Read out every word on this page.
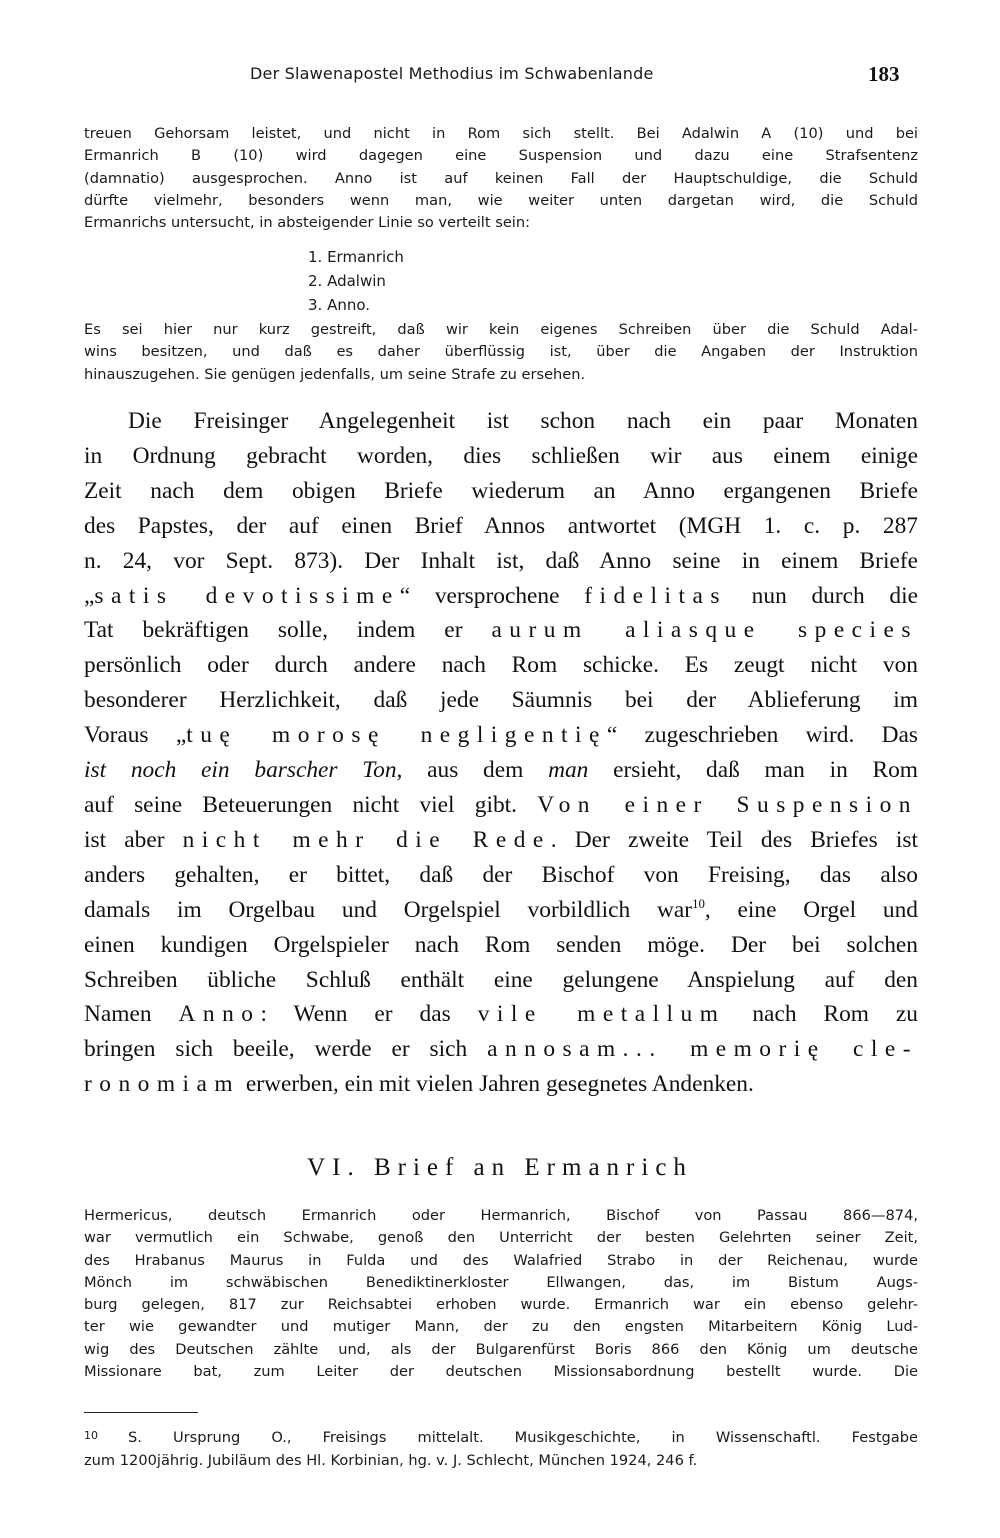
Der Slawenapostel Methodius im Schwabenlande	183

treuen Gehorsam leistet, und nicht in Rom sich stellt. Bei Adalwin A (10) und bei

Ermanrich B (10) wird dagegen eine Suspension und dazu eine Strafsentenz

(damnatio) ausgesprochen. Anno ist auf keinen Fall der Hauptschuldige, die Schuld

dürfte vielmehr, besonders wenn man, wie weiter unten dargetan wird, die Schuld

Ermanrichs untersucht, in absteigender Linie so verteilt sein:

1. Ermanrich
2. Adalwin
3. Anno.

Es sei hier nur kurz gestreift, daß wir kein eigenes Schreiben über die Schuld Adal-

wins besitzen, und daß es daher überflüssig ist, über die Angaben der Instruktion

hinauszugehen. Sie genügen jedenfalls, um seine Strafe zu ersehen.

Die Freisinger Angelegenheit ist schon nach ein paar Monaten

in Ordnung gebracht worden, dies schließen wir aus einem einige

Zeit nach dem obigen Briefe wiederum an Anno ergangenen Briefe

des Papstes, der auf einen Brief Annos antwortet (MGH 1. c. p. 287

n. 24, vor Sept. 873). Der Inhalt ist, daß Anno seine in einem Briefe

„satis devotissime“ versprochene fidelitas nun durch die

Tat bekräftigen solle, indem er aurum aliasque species

persönlich oder durch andere nach Rom schicke. Es zeugt nicht von

besonderer Herzlichkeit, daß jede Säumnis bei der Ablieferung im

Voraus „tuę morosę negligentię“ zugeschrieben wird. Das

ist noch ein barscher Ton, aus dem man ersieht, daß man in Rom

auf seine Beteuerungen nicht viel gibt. Von einer Suspension

ist aber nicht mehr die Rede. Der zweite Teil des Briefes ist

anders gehalten, er bittet, daß der Bischof von Freising, das also

damals im Orgelbau und Orgelspiel vorbildlich war$^{10}$, eine Orgel und

einen kundigen Orgelspieler nach Rom senden möge. Der bei solchen

Schreiben übliche Schluß enthält eine gelungene Anspielung auf den

Namen Anno: Wenn er das vile metallum nach Rom zu

bringen sich beeile, werde er sich annosam... memorię cle-

ronomiam erwerben, ein mit vielen Jahren gesegnetes Andenken.

VI. Brief an Ermanrich

Hermericus, deutsch Ermanrich oder Hermanrich, Bischof von Passau 866—874,

war vermutlich ein Schwabe, genoß den Unterricht der besten Gelehrten seiner Zeit,

des Hrabanus Maurus in Fulda und des Walafried Strabo in der Reichenau, wurde

Mönch im schwäbischen Benediktinerkloster Ellwangen, das, im Bistum Augs-

burg gelegen, 817 zur Reichsabtei erhoben wurde. Ermanrich war ein ebenso gelehr-

ter wie gewandter und mutiger Mann, der zu den engsten Mitarbeitern König Lud-

wig des Deutschen zählte und, als der Bulgarenfürst Boris 866 den König um deutsche

Missionare bat, zum Leiter der deutschen Missionsabordnung bestellt wurde. Die

10 S. Ursprung O., Freisings mittelalt. Musikgeschichte, in Wissenschaftl. Festgabe

zum 1200jährig. Jubiläum des Hl. Korbinian, hg. v. J. Schlecht, München 1924, 246 f.
